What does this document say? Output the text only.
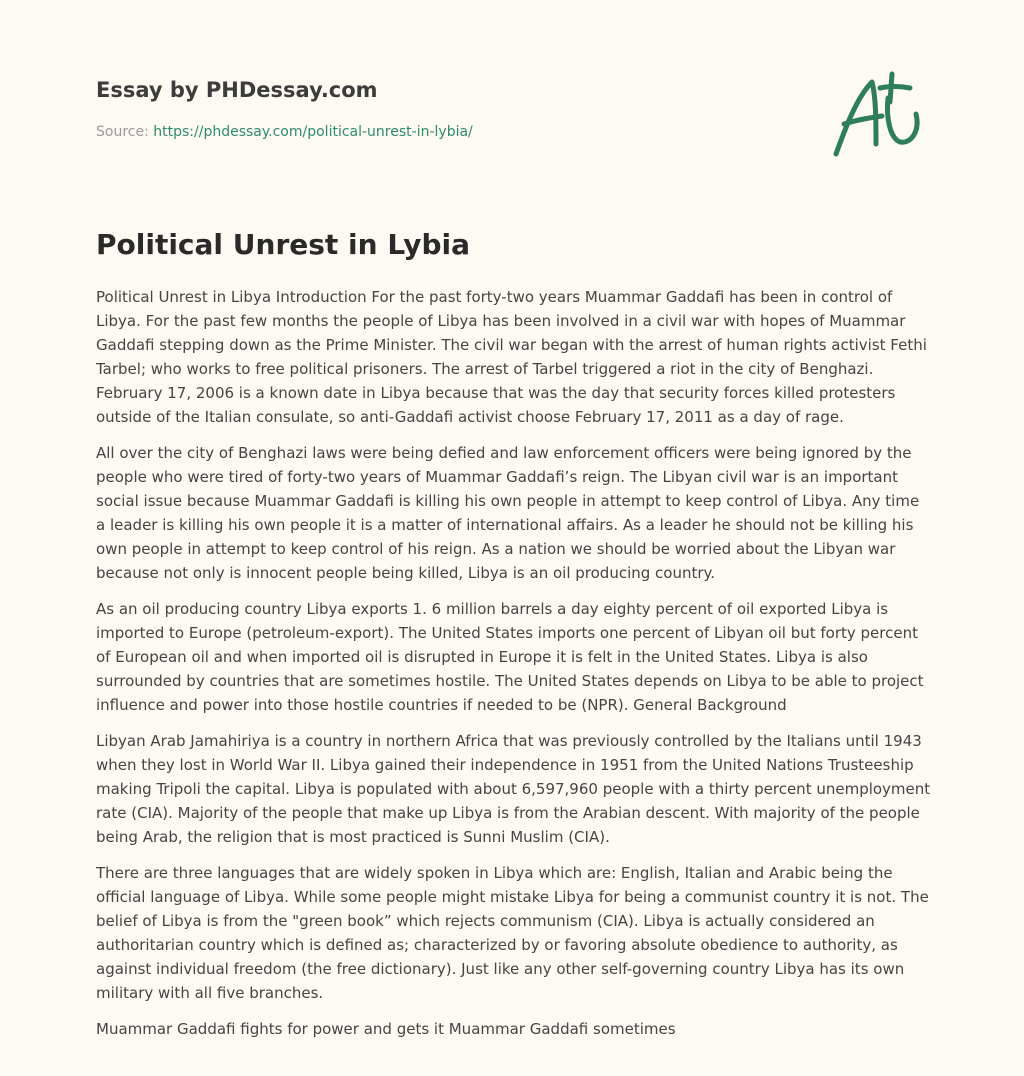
Essay by PHDessay.com
Source: https://phdessay.com/political-unrest-in-lybia/
Political Unrest in Lybia

Political Unrest in Libya Introduction For the past forty-two years Muammar Gaddafi has been in control of Libya. For the past few months the people of Libya has been involved in a civil war with hopes of Muammar Gaddafi stepping down as the Prime Minister. The civil war began with the arrest of human rights activist Fethi Tarbel; who works to free political prisoners. The arrest of Tarbel triggered a riot in the city of Benghazi. February 17, 2006 is a known date in Libya because that was the day that security forces killed protesters outside of the Italian consulate, so anti-Gaddafi activist choose February 17, 2011 as a day of rage.

All over the city of Benghazi laws were being defied and law enforcement officers were being ignored by the people who were tired of forty-two years of Muammar Gaddafi’s reign. The Libyan civil war is an important social issue because Muammar Gaddafi is killing his own people in attempt to keep control of Libya. Any time a leader is killing his own people it is a matter of international affairs. As a leader he should not be killing his own people in attempt to keep control of his reign. As a nation we should be worried about the Libyan war because not only is innocent people being killed, Libya is an oil producing country.

As an oil producing country Libya exports 1. 6 million barrels a day eighty percent of oil exported Libya is imported to Europe (petroleum-export). The United States imports one percent of Libyan oil but forty percent of European oil and when imported oil is disrupted in Europe it is felt in the United States. Libya is also surrounded by countries that are sometimes hostile. The United States depends on Libya to be able to project influence and power into those hostile countries if needed to be (NPR). General Background

Libyan Arab Jamahiriya is a country in northern Africa that was previously controlled by the Italians until 1943 when they lost in World War II. Libya gained their independence in 1951 from the United Nations Trusteeship making Tripoli the capital. Libya is populated with about 6,597,960 people with a thirty percent unemployment rate (CIA). Majority of the people that make up Libya is from the Arabian descent. With majority of the people being Arab, the religion that is most practiced is Sunni Muslim (CIA).

There are three languages that are widely spoken in Libya which are: English, Italian and Arabic being the official language of Libya. While some people might mistake Libya for being a communist country it is not. The belief of Libya is from the "green book” which rejects communism (CIA). Libya is actually considered an authoritarian country which is defined as; characterized by or favoring absolute obedience to authority, as against individual freedom (the free dictionary). Just like any other self-governing country Libya has its own military with all five branches.

Muammar Gaddafi fights for power and gets it Muammar Gaddafi sometimes
